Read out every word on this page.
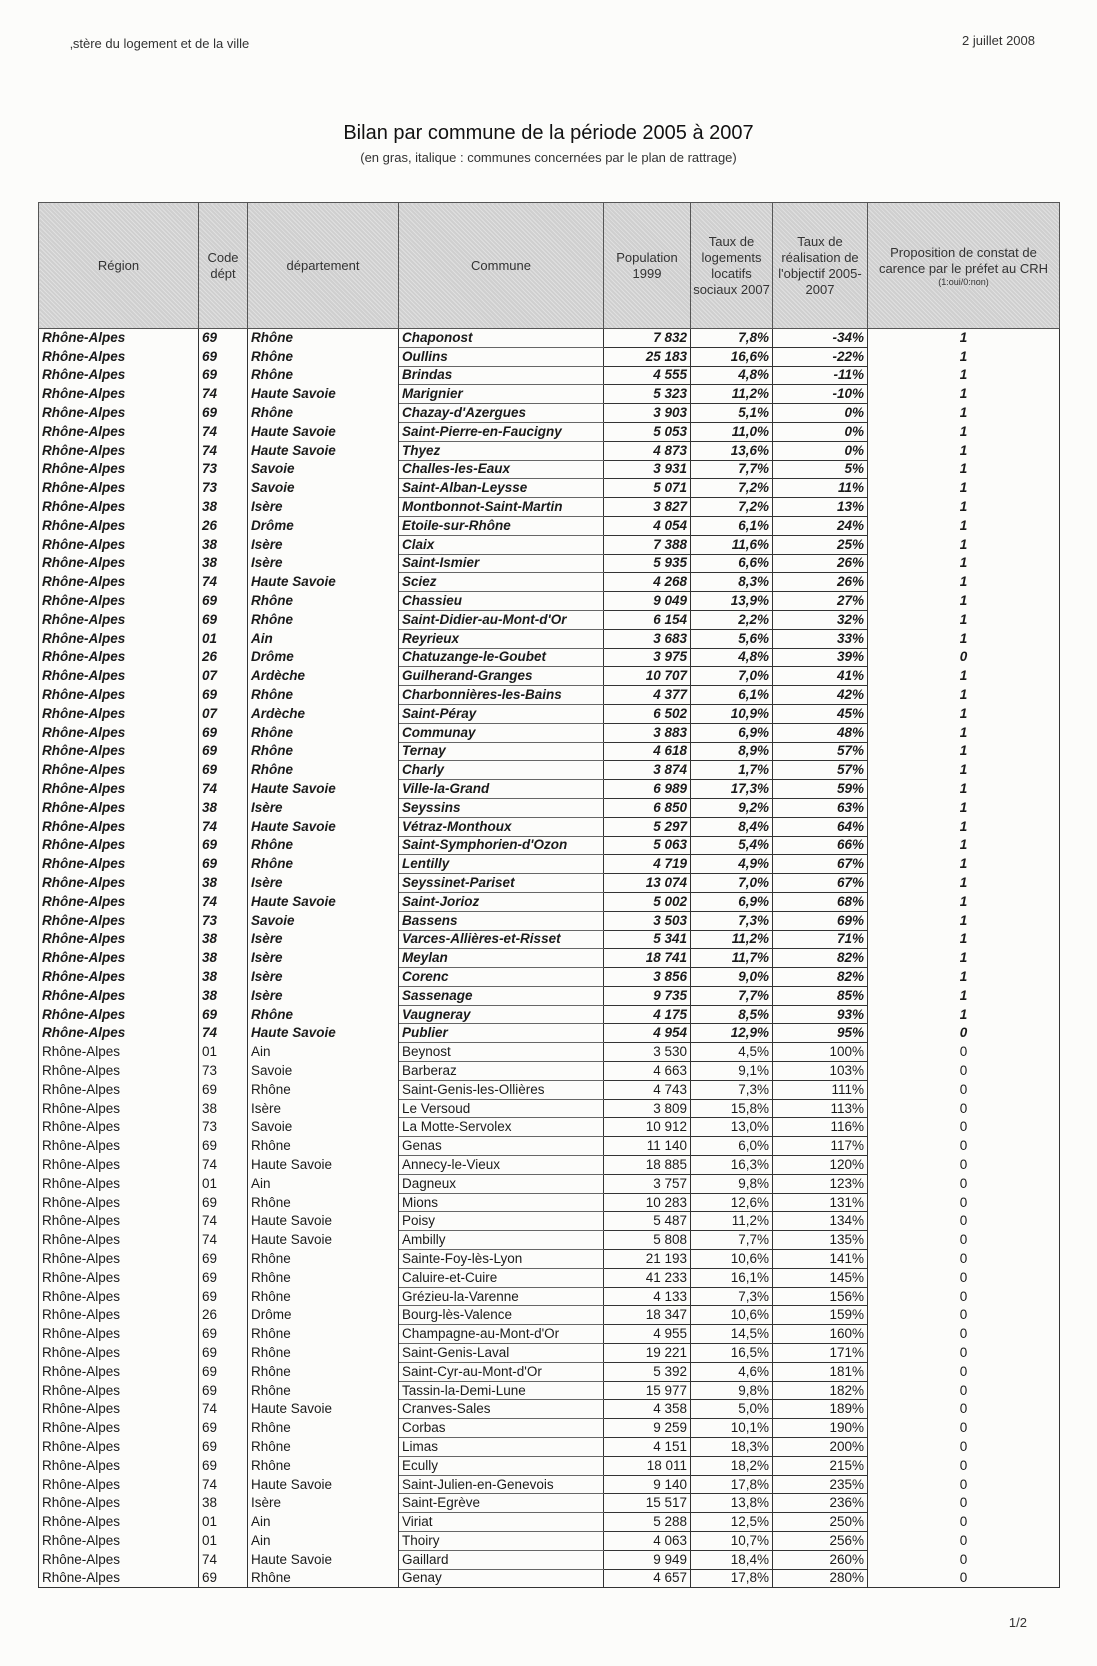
‚stère du logement et de la ville	2 juillet 2008
Bilan par commune de la période 2005 à 2007
(en gras, italique : communes concernées par le plan de rattrage)
Région	Code dépt	département	Commune	Population 1999	Taux de logements locatifs sociaux 2007	Taux de réalisation de l'objectif 2005-2007	Proposition de constat de carence par le préfet au CRH
(1:oui/0:non)

Rhône-Alpes	69	Rhône	Chaponost	7 832	7,8%	-34%	1
Rhône-Alpes	69	Rhône	Oullins	25 183	16,6%	-22%	1
Rhône-Alpes	69	Rhône	Brindas	4 555	4,8%	-11%	1
Rhône-Alpes	74	Haute Savoie	Marignier	5 323	11,2%	-10%	1
Rhône-Alpes	69	Rhône	Chazay-d'Azergues	3 903	5,1%	0%	1
Rhône-Alpes	74	Haute Savoie	Saint-Pierre-en-Faucigny	5 053	11,0%	0%	1
Rhône-Alpes	74	Haute Savoie	Thyez	4 873	13,6%	0%	1
Rhône-Alpes	73	Savoie	Challes-les-Eaux	3 931	7,7%	5%	1
Rhône-Alpes	73	Savoie	Saint-Alban-Leysse	5 071	7,2%	11%	1
Rhône-Alpes	38	Isère	Montbonnot-Saint-Martin	3 827	7,2%	13%	1
Rhône-Alpes	26	Drôme	Etoile-sur-Rhône	4 054	6,1%	24%	1
Rhône-Alpes	38	Isère	Claix	7 388	11,6%	25%	1
Rhône-Alpes	38	Isère	Saint-Ismier	5 935	6,6%	26%	1
Rhône-Alpes	74	Haute Savoie	Sciez	4 268	8,3%	26%	1
Rhône-Alpes	69	Rhône	Chassieu	9 049	13,9%	27%	1
Rhône-Alpes	69	Rhône	Saint-Didier-au-Mont-d'Or	6 154	2,2%	32%	1
Rhône-Alpes	01	Ain	Reyrieux	3 683	5,6%	33%	1
Rhône-Alpes	26	Drôme	Chatuzange-le-Goubet	3 975	4,8%	39%	0
Rhône-Alpes	07	Ardèche	Guilherand-Granges	10 707	7,0%	41%	1
Rhône-Alpes	69	Rhône	Charbonnières-les-Bains	4 377	6,1%	42%	1
Rhône-Alpes	07	Ardèche	Saint-Péray	6 502	10,9%	45%	1
Rhône-Alpes	69	Rhône	Communay	3 883	6,9%	48%	1
Rhône-Alpes	69	Rhône	Ternay	4 618	8,9%	57%	1
Rhône-Alpes	69	Rhône	Charly	3 874	1,7%	57%	1
Rhône-Alpes	74	Haute Savoie	Ville-la-Grand	6 989	17,3%	59%	1
Rhône-Alpes	38	Isère	Seyssins	6 850	9,2%	63%	1
Rhône-Alpes	74	Haute Savoie	Vétraz-Monthoux	5 297	8,4%	64%	1
Rhône-Alpes	69	Rhône	Saint-Symphorien-d'Ozon	5 063	5,4%	66%	1
Rhône-Alpes	69	Rhône	Lentilly	4 719	4,9%	67%	1
Rhône-Alpes	38	Isère	Seyssinet-Pariset	13 074	7,0%	67%	1
Rhône-Alpes	74	Haute Savoie	Saint-Jorioz	5 002	6,9%	68%	1
Rhône-Alpes	73	Savoie	Bassens	3 503	7,3%	69%	1
Rhône-Alpes	38	Isère	Varces-Allières-et-Risset	5 341	11,2%	71%	1
Rhône-Alpes	38	Isère	Meylan	18 741	11,7%	82%	1
Rhône-Alpes	38	Isère	Corenc	3 856	9,0%	82%	1
Rhône-Alpes	38	Isère	Sassenage	9 735	7,7%	85%	1
Rhône-Alpes	69	Rhône	Vaugneray	4 175	8,5%	93%	1
Rhône-Alpes	74	Haute Savoie	Publier	4 954	12,9%	95%	0
Rhône-Alpes	01	Ain	Beynost	3 530	4,5%	100%	0
Rhône-Alpes	73	Savoie	Barberaz	4 663	9,1%	103%	0
Rhône-Alpes	69	Rhône	Saint-Genis-les-Ollières	4 743	7,3%	111%	0
Rhône-Alpes	38	Isère	Le Versoud	3 809	15,8%	113%	0
Rhône-Alpes	73	Savoie	La Motte-Servolex	10 912	13,0%	116%	0
Rhône-Alpes	69	Rhône	Genas	11 140	6,0%	117%	0
Rhône-Alpes	74	Haute Savoie	Annecy-le-Vieux	18 885	16,3%	120%	0
Rhône-Alpes	01	Ain	Dagneux	3 757	9,8%	123%	0
Rhône-Alpes	69	Rhône	Mions	10 283	12,6%	131%	0
Rhône-Alpes	74	Haute Savoie	Poisy	5 487	11,2%	134%	0
Rhône-Alpes	74	Haute Savoie	Ambilly	5 808	7,7%	135%	0
Rhône-Alpes	69	Rhône	Sainte-Foy-lès-Lyon	21 193	10,6%	141%	0
Rhône-Alpes	69	Rhône	Caluire-et-Cuire	41 233	16,1%	145%	0
Rhône-Alpes	69	Rhône	Grézieu-la-Varenne	4 133	7,3%	156%	0
Rhône-Alpes	26	Drôme	Bourg-lès-Valence	18 347	10,6%	159%	0
Rhône-Alpes	69	Rhône	Champagne-au-Mont-d'Or	4 955	14,5%	160%	0
Rhône-Alpes	69	Rhône	Saint-Genis-Laval	19 221	16,5%	171%	0
Rhône-Alpes	69	Rhône	Saint-Cyr-au-Mont-d'Or	5 392	4,6%	181%	0
Rhône-Alpes	69	Rhône	Tassin-la-Demi-Lune	15 977	9,8%	182%	0
Rhône-Alpes	74	Haute Savoie	Cranves-Sales	4 358	5,0%	189%	0
Rhône-Alpes	69	Rhône	Corbas	9 259	10,1%	190%	0
Rhône-Alpes	69	Rhône	Limas	4 151	18,3%	200%	0
Rhône-Alpes	69	Rhône	Ecully	18 011	18,2%	215%	0
Rhône-Alpes	74	Haute Savoie	Saint-Julien-en-Genevois	9 140	17,8%	235%	0
Rhône-Alpes	38	Isère	Saint-Egrève	15 517	13,8%	236%	0
Rhône-Alpes	01	Ain	Viriat	5 288	12,5%	250%	0
Rhône-Alpes	01	Ain	Thoiry	4 063	10,7%	256%	0
Rhône-Alpes	74	Haute Savoie	Gaillard	9 949	18,4%	260%	0
Rhône-Alpes	69	Rhône	Genay	4 657	17,8%	280%	0
1/2
